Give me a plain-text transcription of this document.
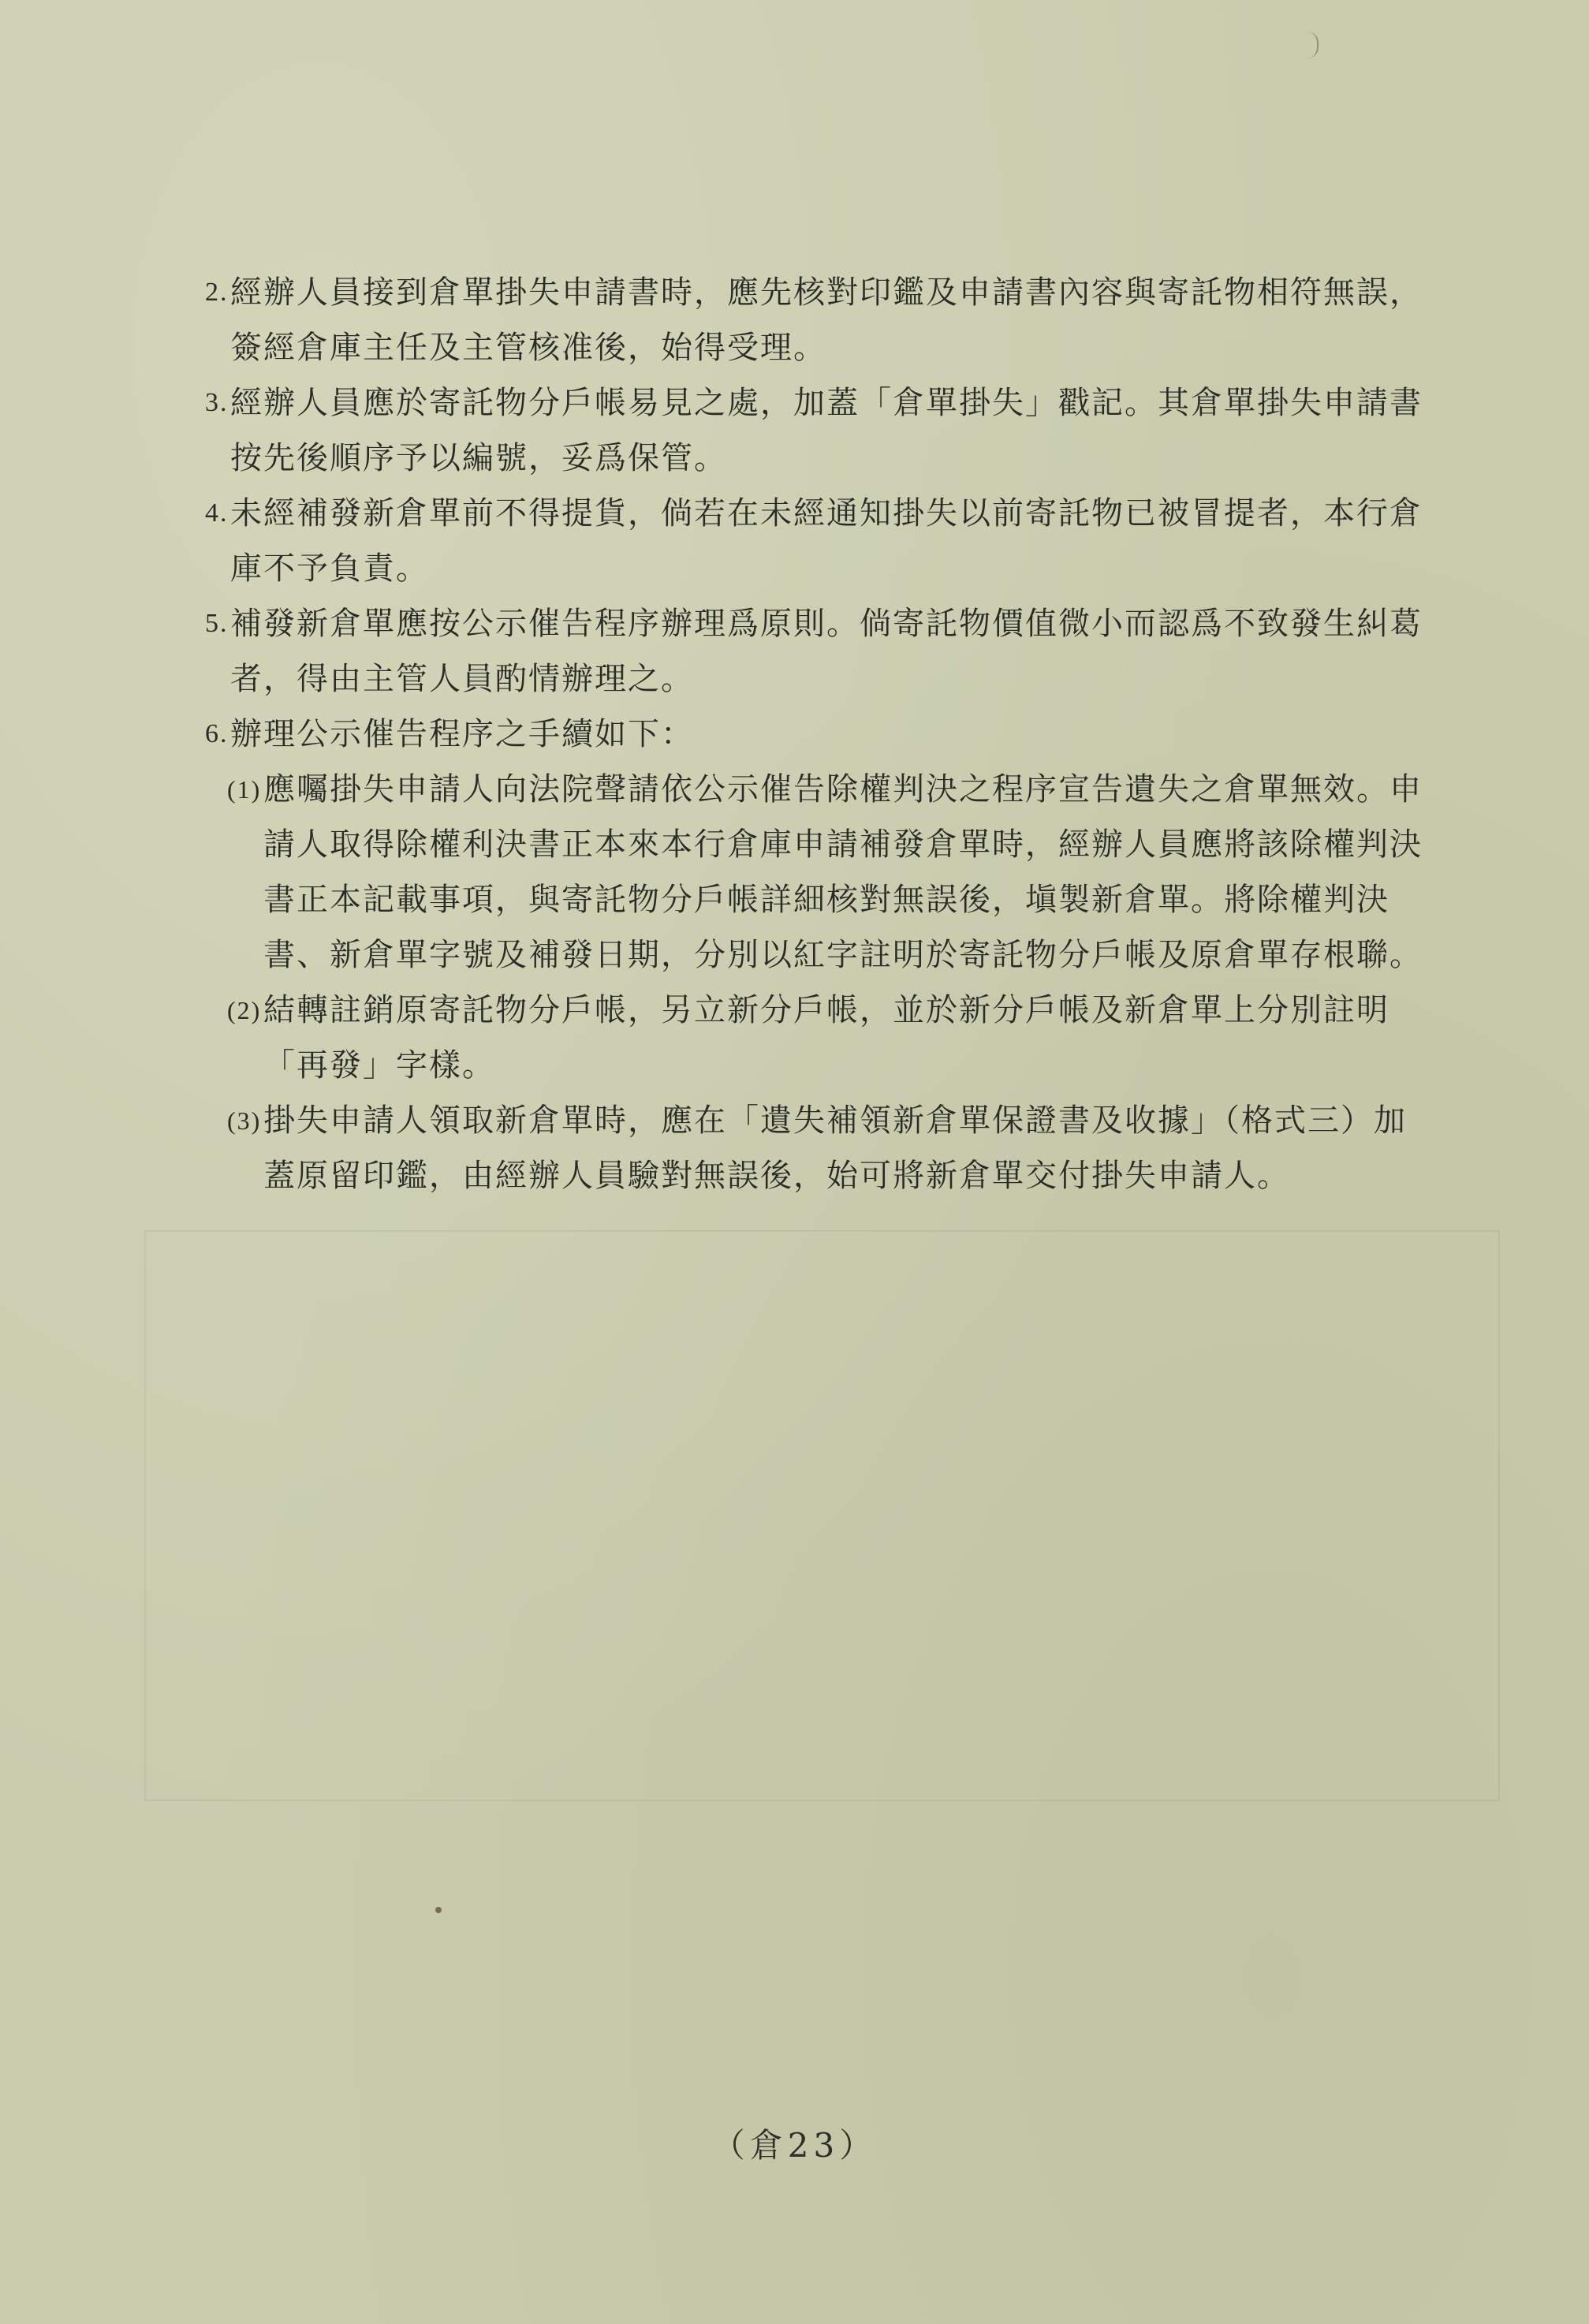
2. 經辦人員接到倉單掛失申請書時，應先核對印鑑及申請書內容與寄託物相符無誤，簽經倉庫主任及主管核准後，始得受理。

3. 經辦人員應於寄託物分戶帳易見之處，加蓋「倉單掛失」戳記。其倉單掛失申請書按先後順序予以編號，妥爲保管。

4. 未經補發新倉單前不得提貨，倘若在未經通知掛失以前寄託物已被冒提者，本行倉庫不予負責。

5. 補發新倉單應按公示催告程序辦理爲原則。倘寄託物價值微小而認爲不致發生糾葛者，得由主管人員酌情辦理之。

6. 辦理公示催告程序之手續如下：

(1) 應囑掛失申請人向法院聲請依公示催告除權判決之程序宣告遺失之倉單無效。申請人取得除權利決書正本來本行倉庫申請補發倉單時，經辦人員應將該除權判決書正本記載事項，與寄託物分戶帳詳細核對無誤後，塡製新倉單。將除權判決書、新倉單字號及補發日期，分別以紅字註明於寄託物分戶帳及原倉單存根聯。

(2) 結轉註銷原寄託物分戶帳，另立新分戶帳，並於新分戶帳及新倉單上分別註明「再發」字樣。

(3) 掛失申請人領取新倉單時，應在「遺失補領新倉單保證書及收據」（格式三）加蓋原留印鑑，由經辦人員驗對無誤後，始可將新倉單交付掛失申請人。

（倉23）
